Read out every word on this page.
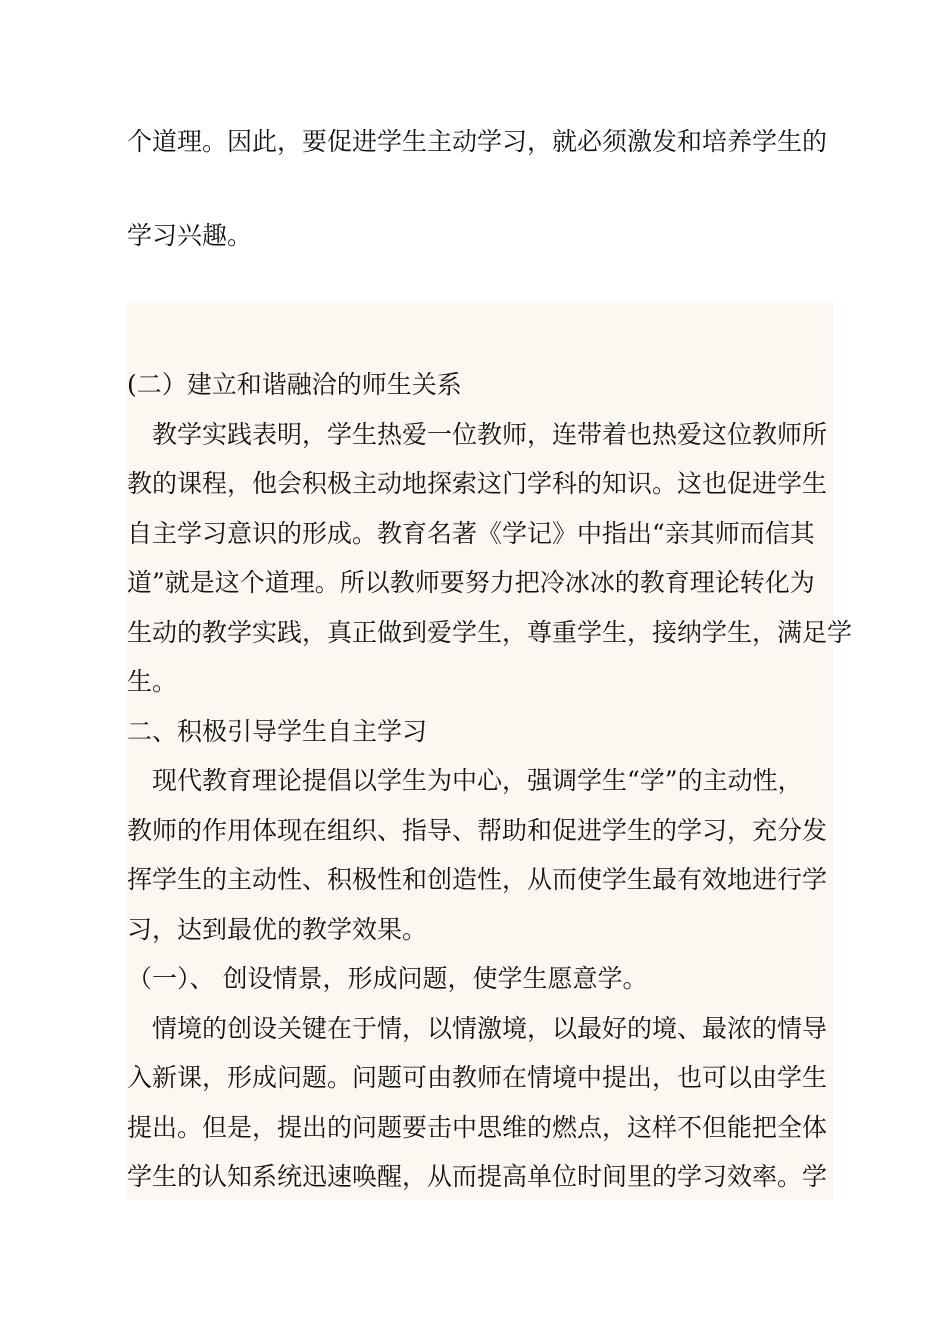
个道理。因此，要促进学生主动学习，就必须激发和培养学生的
学习兴趣。
(二）建立和谐融洽的师生关系
教学实践表明，学生热爱一位教师，连带着也热爱这位教师所
教的课程，他会积极主动地探索这门学科的知识。这也促进学生
自主学习意识的形成。教育名著《学记》中指出“亲其师而信其
道”就是这个道理。所以教师要努力把冷冰冰的教育理论转化为
生动的教学实践，真正做到爱学生，尊重学生，接纳学生，满足学
生。
二、积极引导学生自主学习
现代教育理论提倡以学生为中心，强调学生“学”的主动性，
教师的作用体现在组织、指导、帮助和促进学生的学习，充分发
挥学生的主动性、积极性和创造性，从而使学生最有效地进行学
习，达到最优的教学效果。
（一）、 创设情景，形成问题，使学生愿意学。
情境的创设关键在于情，以情激境，以最好的境、最浓的情导
入新课，形成问题。问题可由教师在情境中提出，也可以由学生
提出。但是，提出的问题要击中思维的燃点，这样不但能把全体
学生的认知系统迅速唤醒，从而提高单位时间里的学习效率。学
